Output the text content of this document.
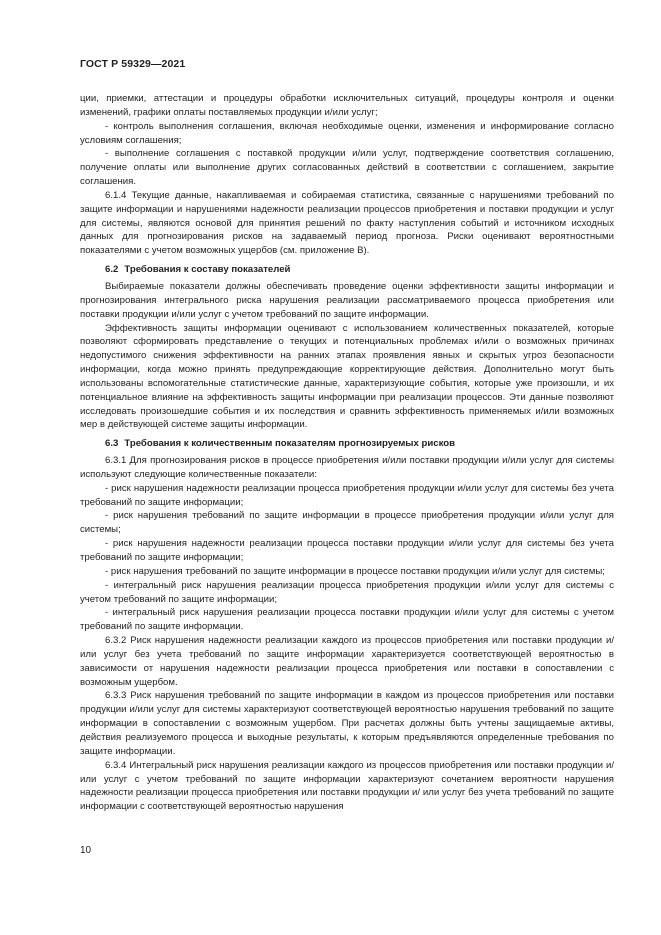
ГОСТ Р 59329—2021

ции, приемки, аттестации и процедуры обработки исключительных ситуаций, процедуры контроля и оценки изменений, графики оплаты поставляемых продукции и/или услуг;

- контроль выполнения соглашения, включая необходимые оценки, изменения и информирование согласно условиям соглашения;

- выполнение соглашения с поставкой продукции и/или услуг, подтверждение соответствия соглашению, получение оплаты или выполнение других согласованных действий в соответствии с соглашением, закрытие соглашения.

6.1.4 Текущие данные, накапливаемая и собираемая статистика, связанные с нарушениями требований по защите информации и нарушениями надежности реализации процессов приобретения и поставки продукции и услуг для системы, являются основой для принятия решений по факту наступления событий и источником исходных данных для прогнозирования рисков на задаваемый период прогноза. Риски оценивают вероятностными показателями с учетом возможных ущербов (см. приложение В).

6.2 Требования к составу показателей

Выбираемые показатели должны обеспечивать проведение оценки эффективности защиты информации и прогнозирования интегрального риска нарушения реализации рассматриваемого процесса приобретения или поставки продукции и/или услуг с учетом требований по защите информации.

Эффективность защиты информации оценивают с использованием количественных показателей, которые позволяют сформировать представление о текущих и потенциальных проблемах и/или о возможных причинах недопустимого снижения эффективности на ранних этапах проявления явных и скрытых угроз безопасности информации, когда можно принять предупреждающие корректирующие действия. Дополнительно могут быть использованы вспомогательные статистические данные, характеризующие события, которые уже произошли, и их потенциальное влияние на эффективность защиты информации при реализации процессов. Эти данные позволяют исследовать произошедшие события и их последствия и сравнить эффективность применяемых и/или возможных мер в действующей системе защиты информации.

6.3 Требования к количественным показателям прогнозируемых рисков

6.3.1 Для прогнозирования рисков в процессе приобретения и/или поставки продукции и/или услуг для системы используют следующие количественные показатели:

- риск нарушения надежности реализации процесса приобретения продукции и/или услуг для системы без учета требований по защите информации;

- риск нарушения требований по защите информации в процессе приобретения продукции и/или услуг для системы;

- риск нарушения надежности реализации процесса поставки продукции и/или услуг для системы без учета требований по защите информации;

- риск нарушения требований по защите информации в процессе поставки продукции и/или услуг для системы;

- интегральный риск нарушения реализации процесса приобретения продукции и/или услуг для системы с учетом требований по защите информации;

- интегральный риск нарушения реализации процесса поставки продукции и/или услуг для системы с учетом требований по защите информации.

6.3.2 Риск нарушения надежности реализации каждого из процессов приобретения или поставки продукции и/или услуг без учета требований по защите информации характеризуется соответствующей вероятностью в зависимости от нарушения надежности реализации процесса приобретения или поставки в сопоставлении с возможным ущербом.

6.3.3 Риск нарушения требований по защите информации в каждом из процессов приобретения или поставки продукции и/или услуг для системы характеризуют соответствующей вероятностью нарушения требований по защите информации в сопоставлении с возможным ущербом. При расчетах должны быть учтены защищаемые активы, действия реализуемого процесса и выходные результаты, к которым предъявляются определенные требования по защите информации.

6.3.4 Интегральный риск нарушения реализации каждого из процессов приобретения или поставки продукции и/или услуг с учетом требований по защите информации характеризуют сочетанием вероятности нарушения надежности реализации процесса приобретения или поставки продукции и/ или услуг без учета требований по защите информации с соответствующей вероятностью нарушения

10
